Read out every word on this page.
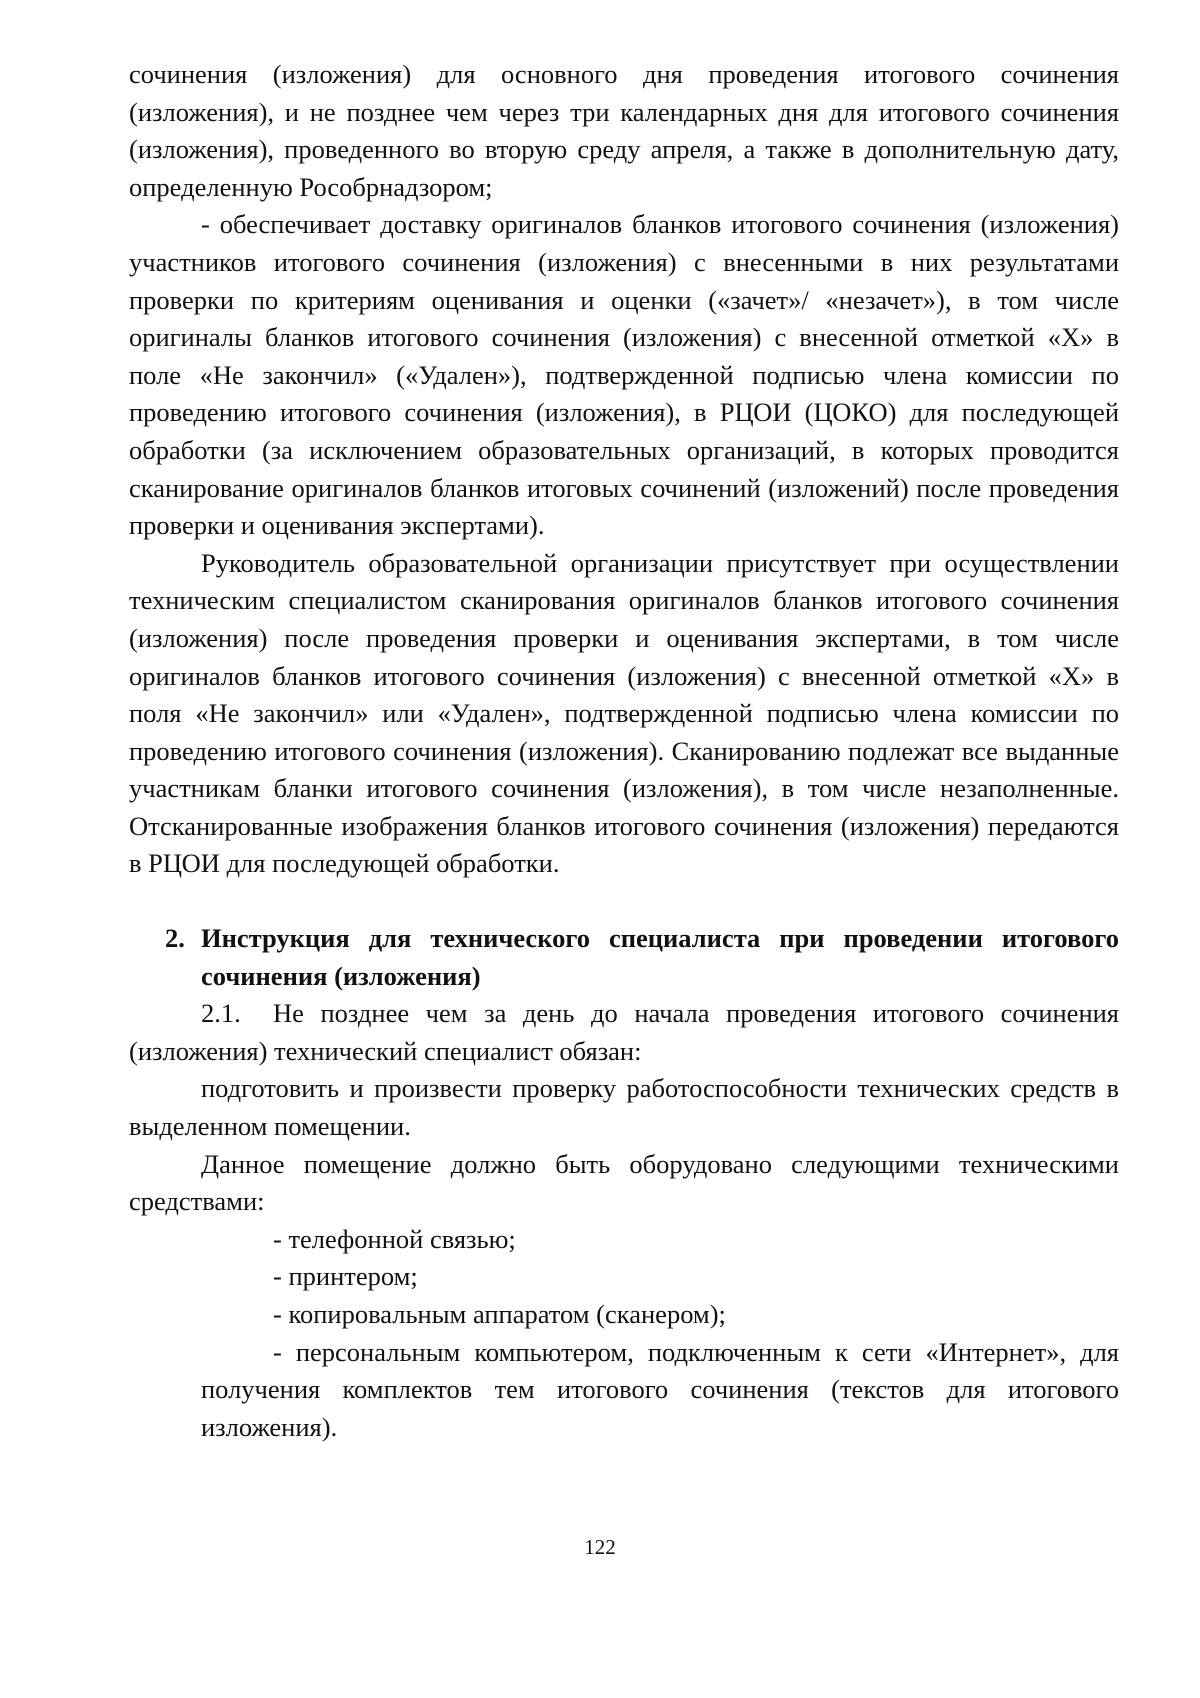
сочинения (изложения) для основного дня проведения итогового сочинения (изложения), и не позднее чем через три календарных дня для итогового сочинения (изложения), проведенного во вторую среду апреля, а также в дополнительную дату, определенную Рособрнадзором;

- обеспечивает доставку оригиналов бланков итогового сочинения (изложения) участников итогового сочинения (изложения) с внесенными в них результатами проверки по критериям оценивания и оценки («зачет»/ «незачет»), в том числе оригиналы бланков итогового сочинения (изложения) с внесенной отметкой «Х» в поле «Не закончил» («Удален»), подтвержденной подписью члена комиссии по проведению итогового сочинения (изложения), в РЦОИ (ЦОКО) для последующей обработки (за исключением образовательных организаций, в которых проводится сканирование оригиналов бланков итоговых сочинений (изложений) после проведения проверки и оценивания экспертами).

Руководитель образовательной организации присутствует при осуществлении техническим специалистом сканирования оригиналов бланков итогового сочинения (изложения) после проведения проверки и оценивания экспертами, в том числе оригиналов бланков итогового сочинения (изложения) с внесенной отметкой «Х» в поля «Не закончил» или «Удален», подтвержденной подписью члена комиссии по проведению итогового сочинения (изложения). Сканированию подлежат все выданные участникам бланки итогового сочинения (изложения), в том числе незаполненные. Отсканированные изображения бланков итогового сочинения (изложения) передаются в РЦОИ для последующей обработки.

2. Инструкция для технического специалиста при проведении итогового сочинения (изложения)

2.1. Не позднее чем за день до начала проведения итогового сочинения (изложения) технический специалист обязан:

подготовить и произвести проверку работоспособности технических средств в выделенном помещении.

Данное помещение должно быть оборудовано следующими техническими средствами:

- телефонной связью;

- принтером;

- копировальным аппаратом (сканером);

- персональным компьютером, подключенным к сети «Интернет», для получения комплектов тем итогового сочинения (текстов для итогового изложения).

122
